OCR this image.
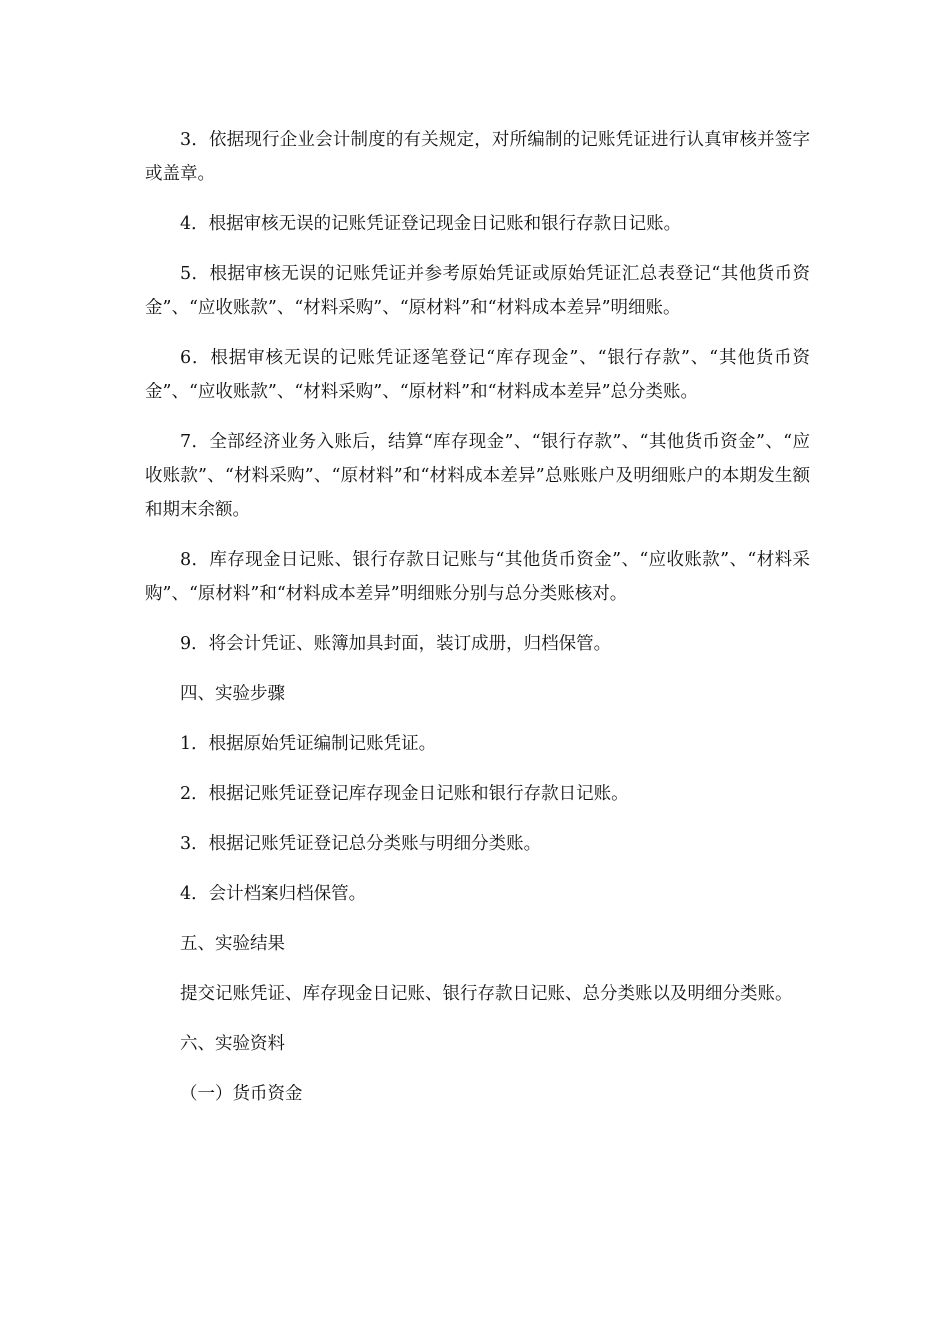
3．依据现行企业会计制度的有关规定，对所编制的记账凭证进行认真审核并签字或盖章。

4．根据审核无误的记账凭证登记现金日记账和银行存款日记账。

5．根据审核无误的记账凭证并参考原始凭证或原始凭证汇总表登记“其他货币资金”、“应收账款”、“材料采购”、“原材料”和“材料成本差异”明细账。

6．根据审核无误的记账凭证逐笔登记“库存现金”、“银行存款”、“其他货币资金”、“应收账款”、“材料采购”、“原材料”和“材料成本差异”总分类账。

7．全部经济业务入账后，结算“库存现金”、“银行存款”、“其他货币资金”、“应收账款”、“材料采购”、“原材料”和“材料成本差异”总账账户及明细账户的本期发生额和期末余额。

8．库存现金日记账、银行存款日记账与“其他货币资金”、“应收账款”、“材料采购”、“原材料”和“材料成本差异”明细账分别与总分类账核对。

9．将会计凭证、账簿加具封面，装订成册，归档保管。

四、实验步骤

1．根据原始凭证编制记账凭证。

2．根据记账凭证登记库存现金日记账和银行存款日记账。

3．根据记账凭证登记总分类账与明细分类账。

4．会计档案归档保管。

五、实验结果

提交记账凭证、库存现金日记账、银行存款日记账、总分类账以及明细分类账。

六、实验资料

（一）货币资金
